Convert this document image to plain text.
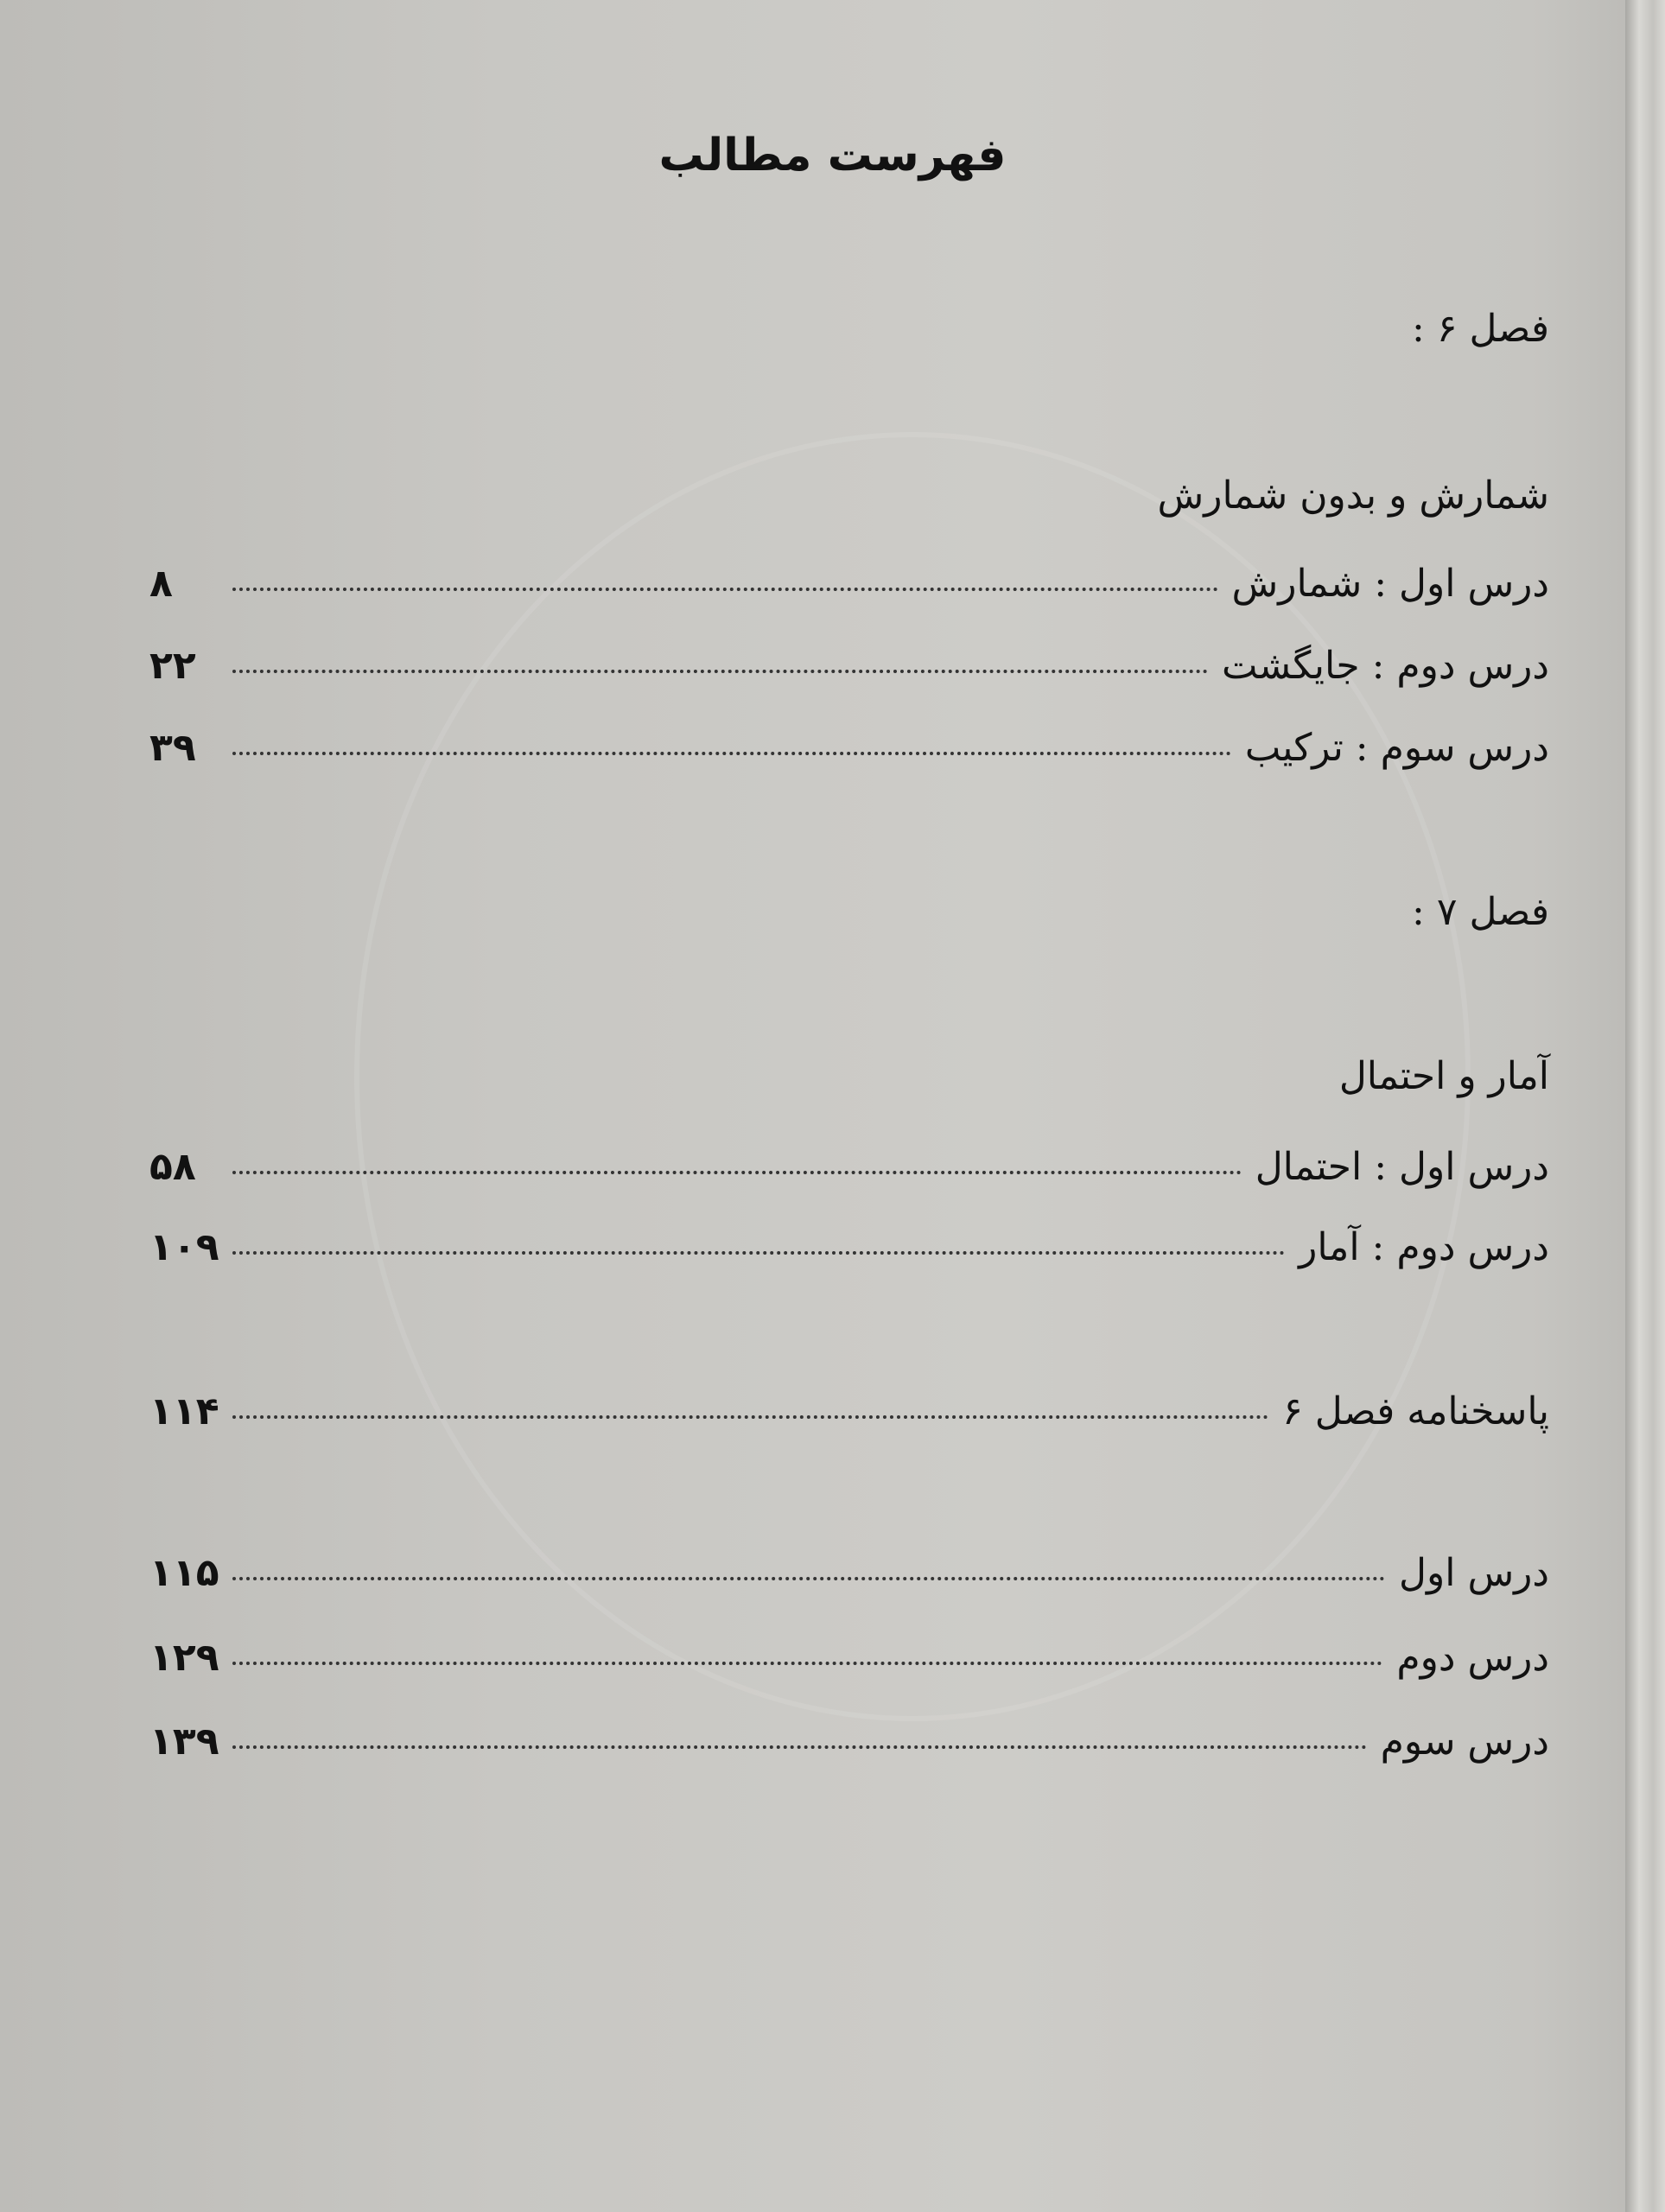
فهرست مطالب
فصل ۶ :
شمارش و بدون شمارش
درس اول : شمارش
۸
درس دوم : جایگشت
۲۲
درس سوم : ترکیب
۳۹
فصل ۷ :
آمار و احتمال
درس اول : احتمال
۵۸
درس دوم : آمار
۱۰۹
پاسخنامه فصل ۶
۱۱۴
درس اول
۱۱۵
درس دوم
۱۲۹
درس سوم
۱۳۹
